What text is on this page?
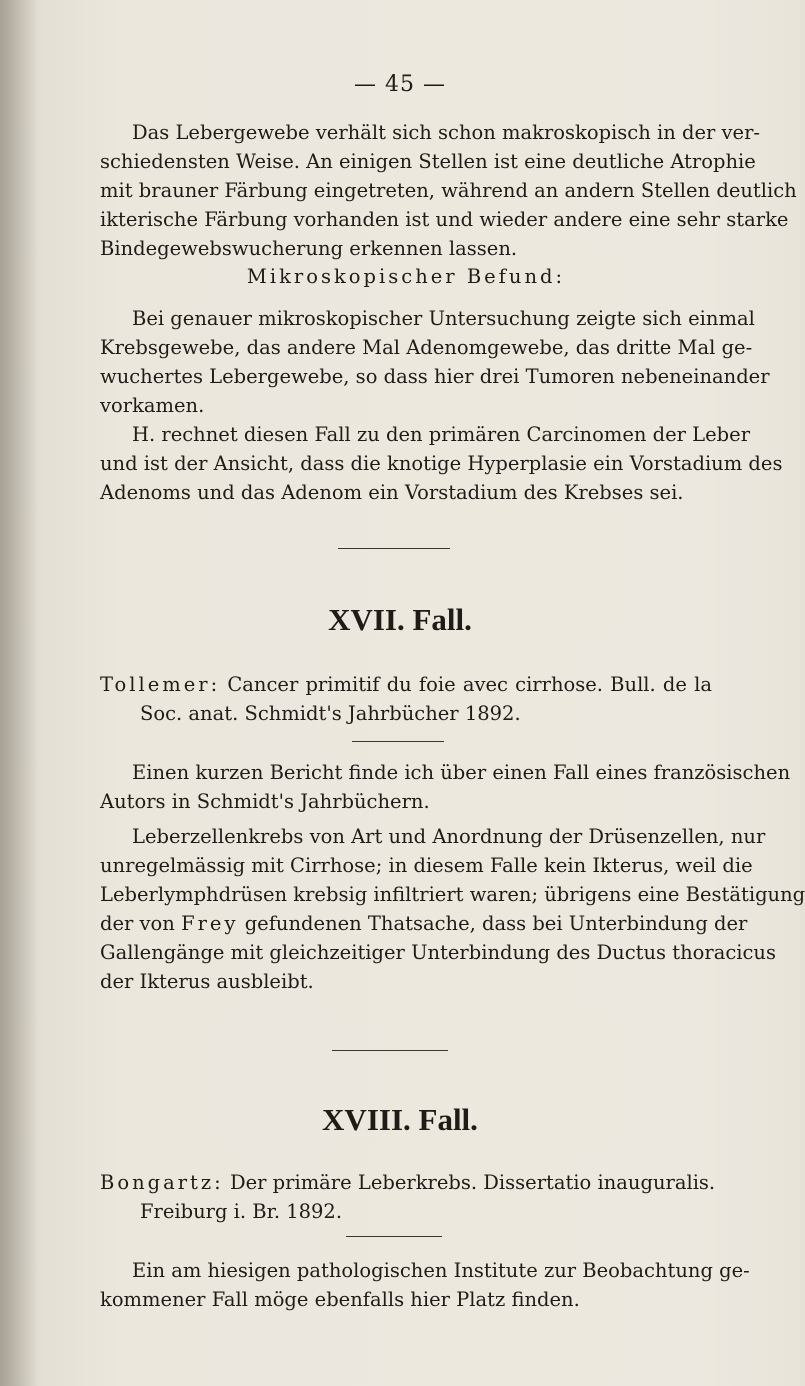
— 45 —
Das Lebergewebe verhält sich schon makroskopisch in der ver-
schiedensten Weise. An einigen Stellen ist eine deutliche Atrophie
mit brauner Färbung eingetreten, während an andern Stellen deutlich
ikterische Färbung vorhanden ist und wieder andere eine sehr starke
Bindegewebswucherung erkennen lassen.
Mikroskopischer Befund:
Bei genauer mikroskopischer Untersuchung zeigte sich einmal
Krebsgewebe, das andere Mal Adenomgewebe, das dritte Mal ge-
wuchertes Lebergewebe, so dass hier drei Tumoren nebeneinander
vorkamen.
H. rechnet diesen Fall zu den primären Carcinomen der Leber
und ist der Ansicht, dass die knotige Hyperplasie ein Vorstadium des
Adenoms und das Adenom ein Vorstadium des Krebses sei.
XVII. Fall.
Tollemer: Cancer primitif du foie avec cirrhose. Bull. de la
Soc. anat. Schmidt's Jahrbücher 1892.
Einen kurzen Bericht finde ich über einen Fall eines französischen
Autors in Schmidt's Jahrbüchern.
Leberzellenkrebs von Art und Anordnung der Drüsenzellen, nur
unregelmässig mit Cirrhose; in diesem Falle kein Ikterus, weil die
Leberlymphdrüsen krebsig infiltriert waren; übrigens eine Bestätigung
der von Frey gefundenen Thatsache, dass bei Unterbindung der
Gallengänge mit gleichzeitiger Unterbindung des Ductus thoracicus
der Ikterus ausbleibt.
XVIII. Fall.
Bongartz: Der primäre Leberkrebs. Dissertatio inauguralis.
Freiburg i. Br. 1892.
Ein am hiesigen pathologischen Institute zur Beobachtung ge-
kommener Fall möge ebenfalls hier Platz finden.
